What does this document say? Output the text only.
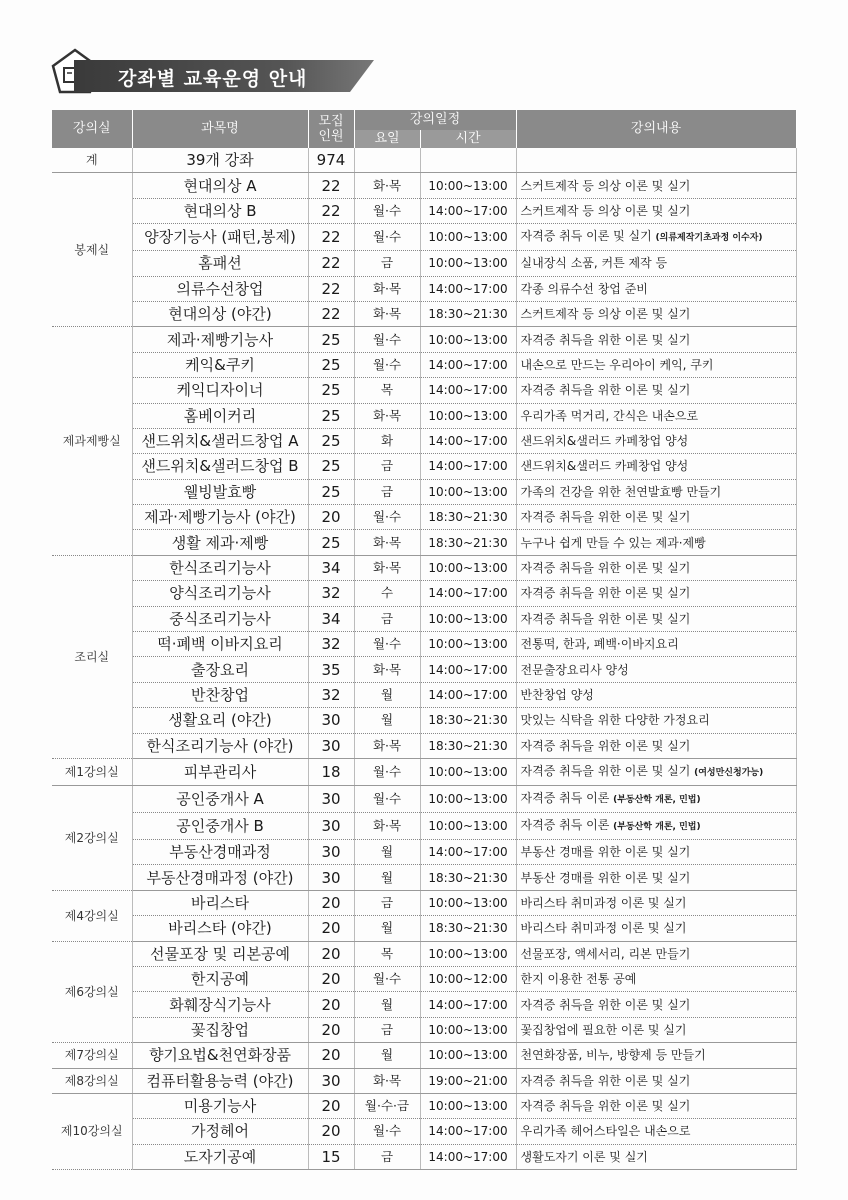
강좌별 교육운영 안내
강의실	과목명	모집
인원	강의일정		강의내용
			요일	시간	
계	39개 강좌	974			
봉제실	현대의상 A	22	화·목	10:00~13:00	스커트제작 등 의상 이론 및 실기
	현대의상 B	22	월·수	14:00~17:00	스커트제작 등 의상 이론 및 실기
	양장기능사 (패턴,봉제)	22	월·수	10:00~13:00	자격증 취득 이론 및 실기 (의류제작기초과정 이수자)
	홈패션	22	금	10:00~13:00	실내장식 소품, 커튼 제작 등
	의류수선창업	22	화·목	14:00~17:00	각종 의류수선 창업 준비
	현대의상 (야간)	22	화·목	18:30~21:30	스커트제작 등 의상 이론 및 실기
제과제빵실	제과·제빵기능사	25	월·수	10:00~13:00	자격증 취득을 위한 이론 및 실기
	케익&쿠키	25	월·수	14:00~17:00	내손으로 만드는 우리아이 케익, 쿠키
	케익디자이너	25	목	14:00~17:00	자격증 취득을 위한 이론 및 실기
	홈베이커리	25	화·목	10:00~13:00	우리가족 먹거리, 간식은 내손으로
	샌드위치&샐러드창업 A	25	화	14:00~17:00	샌드위치&샐러드 카페창업 양성
	샌드위치&샐러드창업 B	25	금	14:00~17:00	샌드위치&샐러드 카페창업 양성
	웰빙발효빵	25	금	10:00~13:00	가족의 건강을 위한 천연발효빵 만들기
	제과·제빵기능사 (야간)	20	월·수	18:30~21:30	자격증 취득을 위한 이론 및 실기
	생활 제과·제빵	25	화·목	18:30~21:30	누구나 쉽게 만들 수 있는 제과·제빵
조리실	한식조리기능사	34	화·목	10:00~13:00	자격증 취득을 위한 이론 및 실기
	양식조리기능사	32	수	14:00~17:00	자격증 취득을 위한 이론 및 실기
	중식조리기능사	34	금	10:00~13:00	자격증 취득을 위한 이론 및 실기
	떡·폐백 이바지요리	32	월·수	10:00~13:00	전통떡, 한과, 폐백·이바지요리
	출장요리	35	화·목	14:00~17:00	전문출장요리사 양성
	반찬창업	32	월	14:00~17:00	반찬창업 양성
	생활요리 (야간)	30	월	18:30~21:30	맛있는 식탁을 위한 다양한 가정요리
	한식조리기능사 (야간)	30	화·목	18:30~21:30	자격증 취득을 위한 이론 및 실기
제1강의실	피부관리사	18	월·수	10:00~13:00	자격증 취득을 위한 이론 및 실기 (여성만신청가능)
제2강의실	공인중개사 A	30	월·수	10:00~13:00	자격증 취득 이론 (부동산학 개론, 민법)
	공인중개사 B	30	화·목	10:00~13:00	자격증 취득 이론 (부동산학 개론, 민법)
	부동산경매과정	30	월	14:00~17:00	부동산 경매를 위한 이론 및 실기
	부동산경매과정 (야간)	30	월	18:30~21:30	부동산 경매를 위한 이론 및 실기
제4강의실	바리스타	20	금	10:00~13:00	바리스타 취미과정 이론 및 실기
	바리스타 (야간)	20	월	18:30~21:30	바리스타 취미과정 이론 및 실기
제6강의실	선물포장 및 리본공예	20	목	10:00~13:00	선물포장, 액세서리, 리본 만들기
	한지공예	20	월·수	10:00~12:00	한지 이용한 전통 공예
	화훼장식기능사	20	월	14:00~17:00	자격증 취득을 위한 이론 및 실기
	꽃집창업	20	금	10:00~13:00	꽃집창업에 필요한 이론 및 실기
제7강의실	향기요법&천연화장품	20	월	10:00~13:00	천연화장품, 비누, 방향제 등 만들기
제8강의실	컴퓨터활용능력 (야간)	30	화·목	19:00~21:00	자격증 취득을 위한 이론 및 실기
제10강의실	미용기능사	20	월·수·금	10:00~13:00	자격증 취득을 위한 이론 및 실기
	가정헤어	20	월·수	14:00~17:00	우리가족 헤어스타일은 내손으로
	도자기공예	15	금	14:00~17:00	생활도자기 이론 및 실기
